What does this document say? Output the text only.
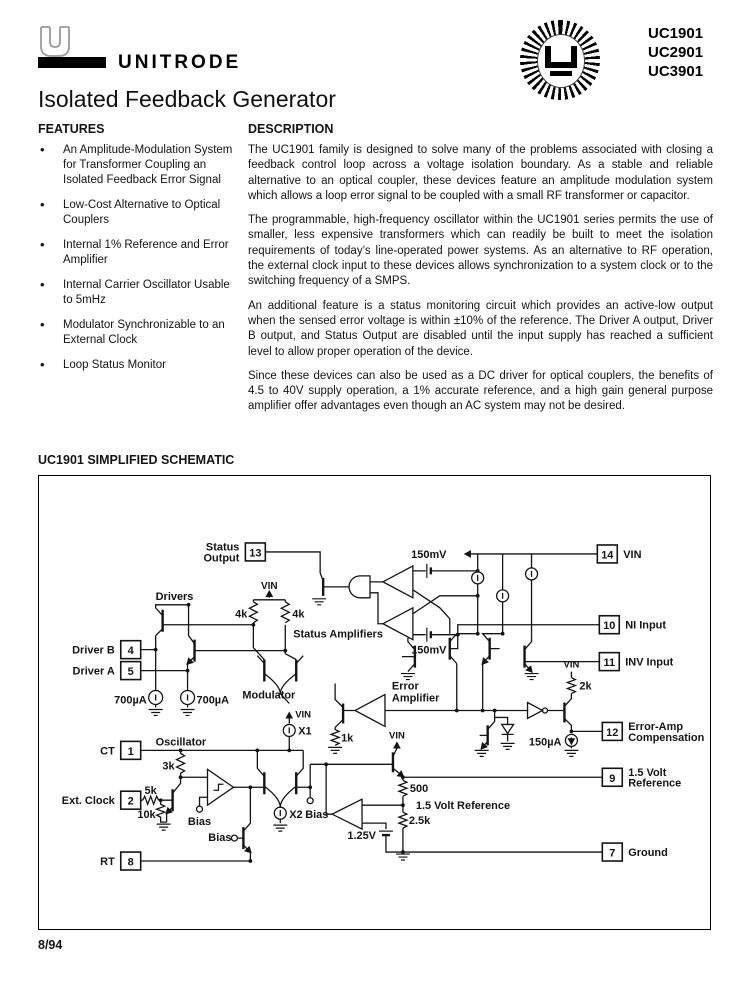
UNITRODE
UC1901
UC2901
UC3901
Isolated Feedback Generator
FEATURES
• An Amplitude-Modulation System for Transformer Coupling an Isolated Feedback Error Signal
• Low-Cost Alternative to Optical Couplers
• Internal 1% Reference and Error Amplifier
• Internal Carrier Oscillator Usable to 5mHz
• Modulator Synchronizable to an External Clock
• Loop Status Monitor
DESCRIPTION

The UC1901 family is designed to solve many of the problems associated with closing a feedback control loop across a voltage isolation boundary. As a stable and reliable alternative to an optical coupler, these devices feature an amplitude modulation system which allows a loop error signal to be coupled with a small RF transformer or capacitor.

The programmable, high-frequency oscillator within the UC1901 series permits the use of smaller, less expensive transformers which can readily be built to meet the isolation requirements of today’s line-operated power systems. As an alternative to RF operation, the external clock input to these devices allows synchronization to a system clock or to the switching frequency of a SMPS.

An additional feature is a status monitoring circuit which provides an active-low output when the sensed error voltage is within ±10% of the reference. The Driver A output, Driver B output, and Status Output are disabled until the input supply has reached a sufficient level to allow proper operation of the device.

Since these devices can also be used as a DC driver for optical couplers, the benefits of 4.5 to 40V supply operation, a 1% accurate reference, and a high gain general purpose amplifier offer advantages even though an AC system may not be desired.

UC1901 SIMPLIFIED SCHEMATIC
13
Status
Output
4
Driver B
5
Driver A
1
CT
2
Ext. Clock
8
RT
14 VIN
10 NI Input
11 INV Input
12 Error-Amp
Compensation
9 1.5 Volt
Reference
7 Ground
Drivers
700µA	700µA
VIN
4k	4k
Status Amplifiers
150mV
150mV
Modulator
VIN
X1
X2 Bias
Oscillator
3k
5k
10k
Bias
Bias
Error
Amplifier
1k
VIN
2k
150µA
VIN
500
1.5 Volt Reference
1.25V
2.5k
8/94
